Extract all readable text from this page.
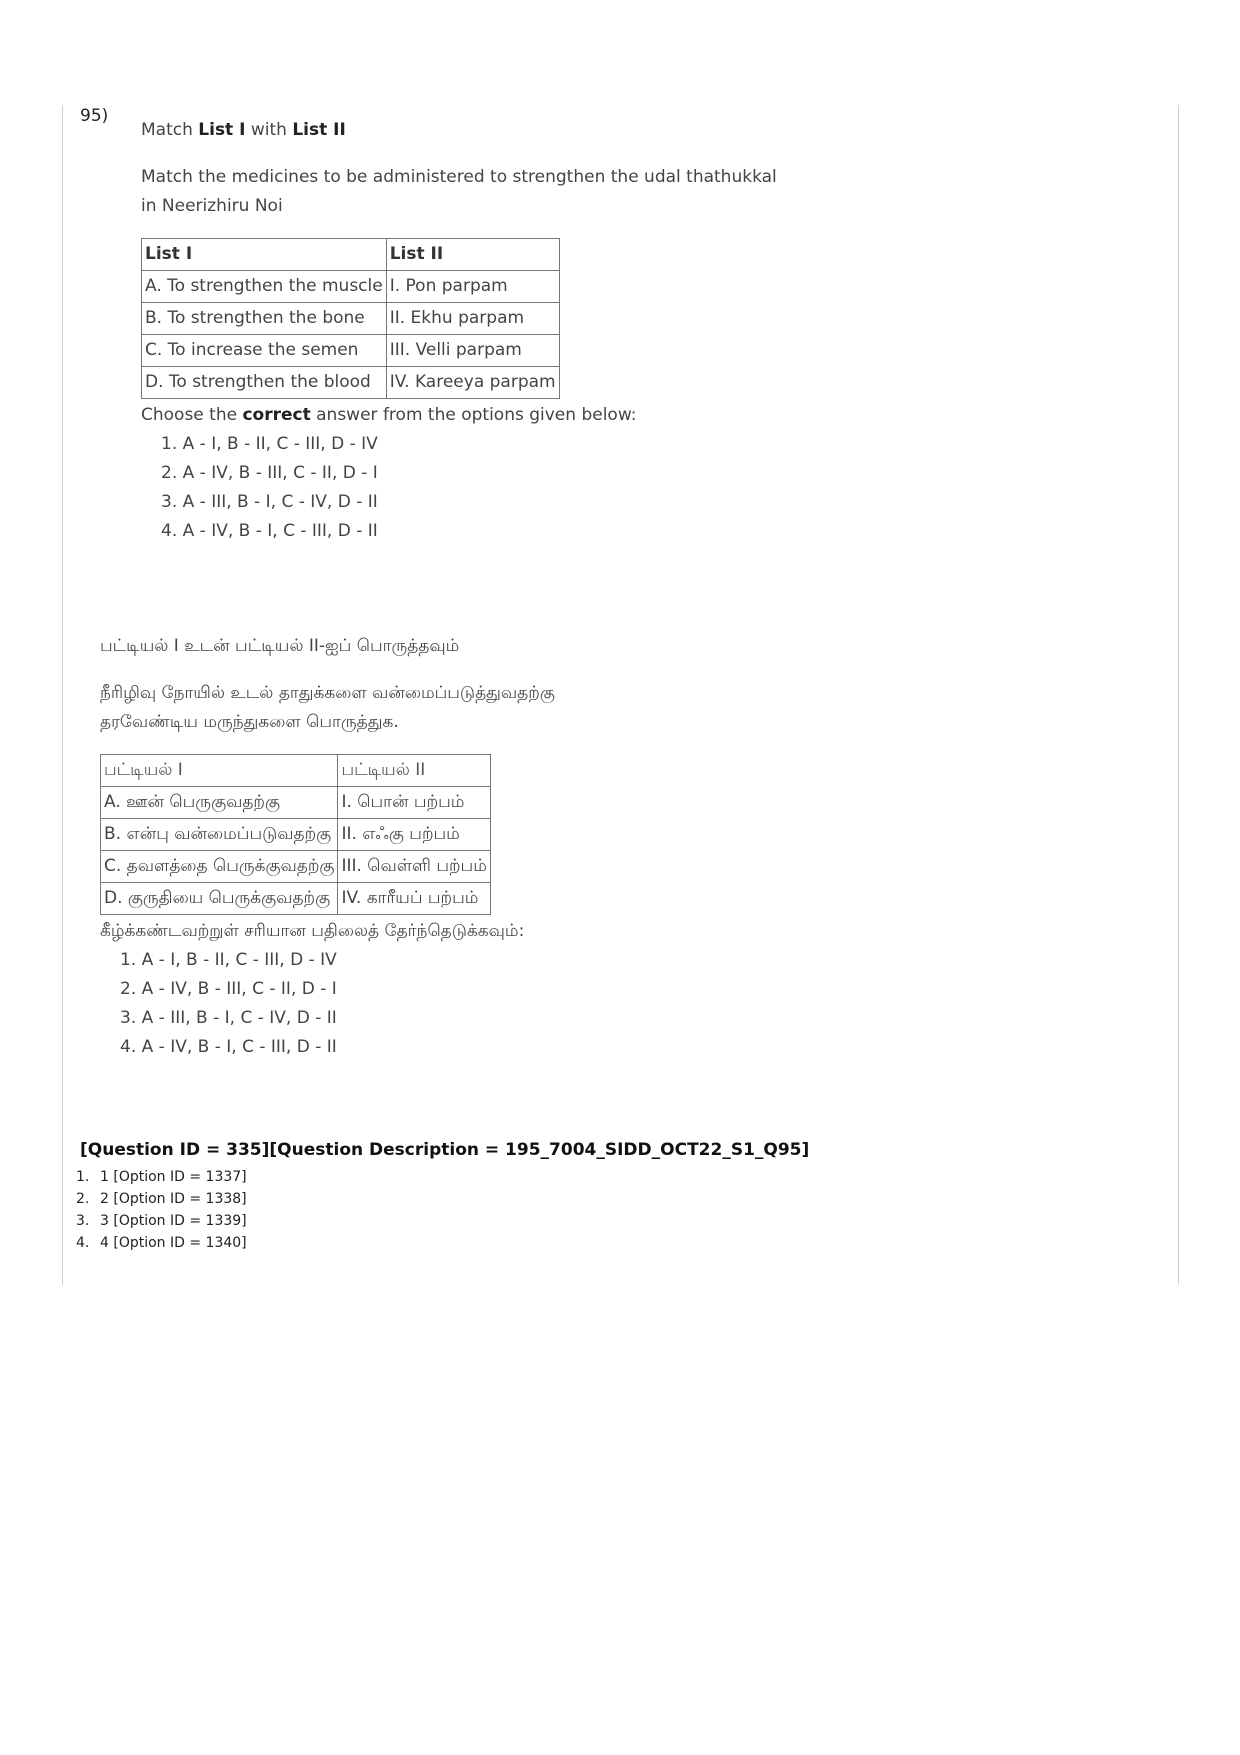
95)

Match List I with List II

Match the medicines to be administered to strengthen the udal thathukkal
in Neerizhiru Noi

List I	List II
A. To strengthen the muscle	I. Pon parpam
B. To strengthen the bone	II. Ekhu parpam
C. To increase the semen	III. Velli parpam
D. To strengthen the blood	IV. Kareeya parpam

Choose the correct answer from the options given below:

1. A - I, B - II, C - III, D - IV
2. A - IV, B - III, C - II, D - I
3. A - III, B - I, C - IV, D - II
4. A - IV, B - I, C - III, D - II

பட்டியல் I உடன் பட்டியல் II-ஐப் பொருத்தவும்

நீரிழிவு நோயில் உடல் தாதுக்களை வன்மைப்படுத்துவதற்கு
தரவேண்டிய மருந்துகளை பொருத்துக.

பட்டியல் I	பட்டியல் II
A. ஊன் பெருகுவதற்கு	I. பொன் பற்பம்
B. என்பு வன்மைப்படுவதற்கு	II. எஃகு பற்பம்
C. தவளத்தை பெருக்குவதற்கு	III. வெள்ளி பற்பம்
D. குருதியை பெருக்குவதற்கு	IV. காரீயப் பற்பம்

கீழ்க்கண்டவற்றுள் சரியான பதிலைத் தேர்ந்தெடுக்கவும்:

1. A - I, B - II, C - III, D - IV
2. A - IV, B - III, C - II, D - I
3. A - III, B - I, C - IV, D - II
4. A - IV, B - I, C - III, D - II
[Question ID = 335][Question Description = 195_7004_SIDD_OCT22_S1_Q95]
1. 1 [Option ID = 1337]
2. 2 [Option ID = 1338]
3. 3 [Option ID = 1339]
4. 4 [Option ID = 1340]
